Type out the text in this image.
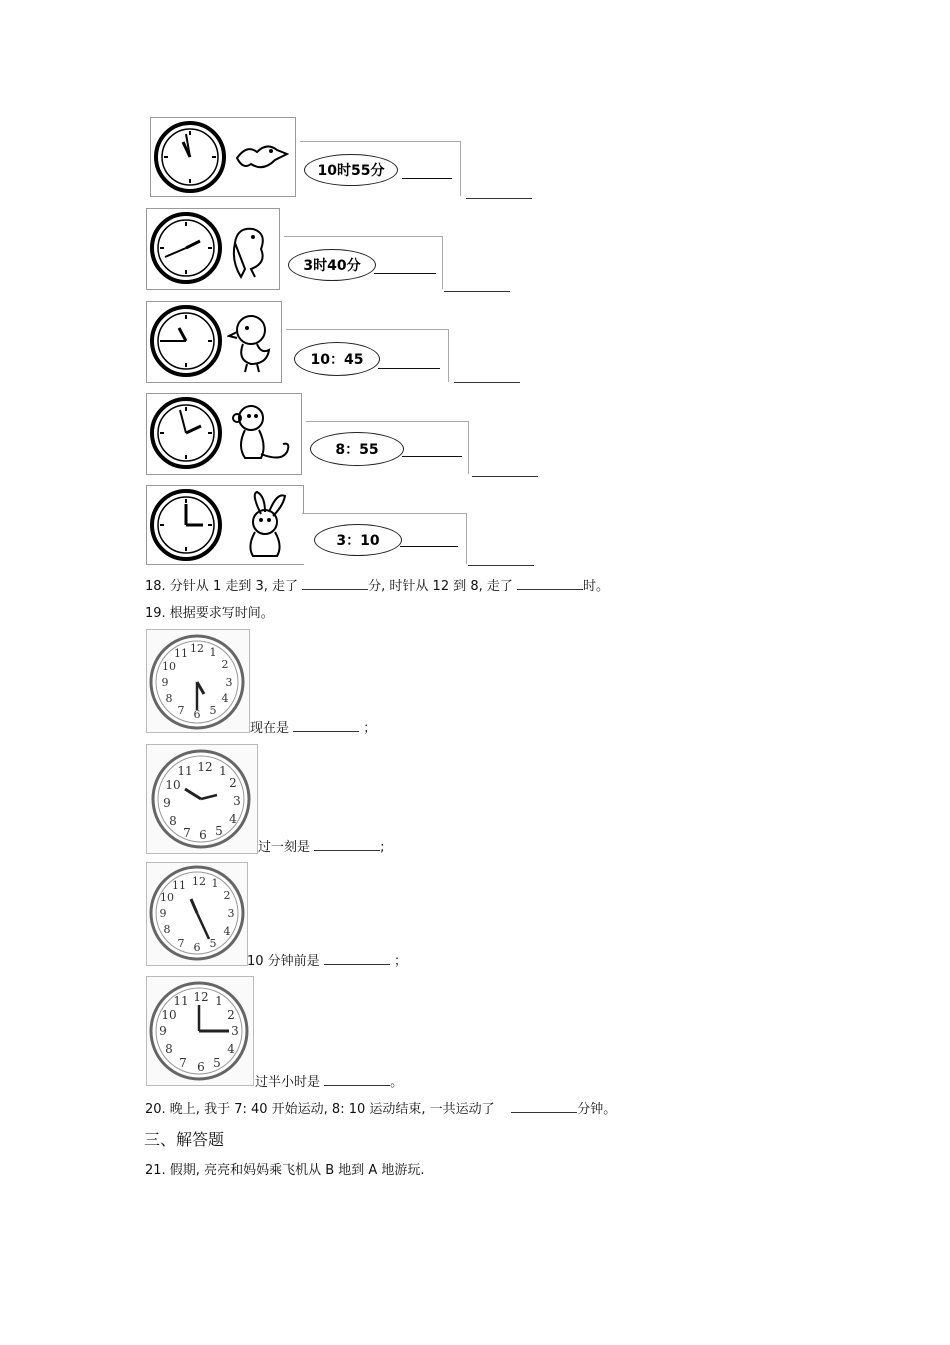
10时55分
3时40分
10：45
8：55
3：10
18. 分针从 1 走到 3, 走了	分, 时针从 12 到 8, 走了	时。
19. 根据要求写时间。
12 1
2
3
4
5
6
7
8
9
10
11
现在是	；
12 1
2
3
4
5
6
7
8
9
10
11
过一刻是	;
12 1
2
3
4
5
6
7
8
9
10
11
10 分钟前是	；
12 1
2
3
4
5
6
7
8
9
10
11
过半小时是	。
20. 晚上, 我于 7: 40 开始运动, 8: 10 运动结束, 一共运动了	分钟。
三、解答题
21. 假期, 亮亮和妈妈乘飞机从 B 地到 A 地游玩.
